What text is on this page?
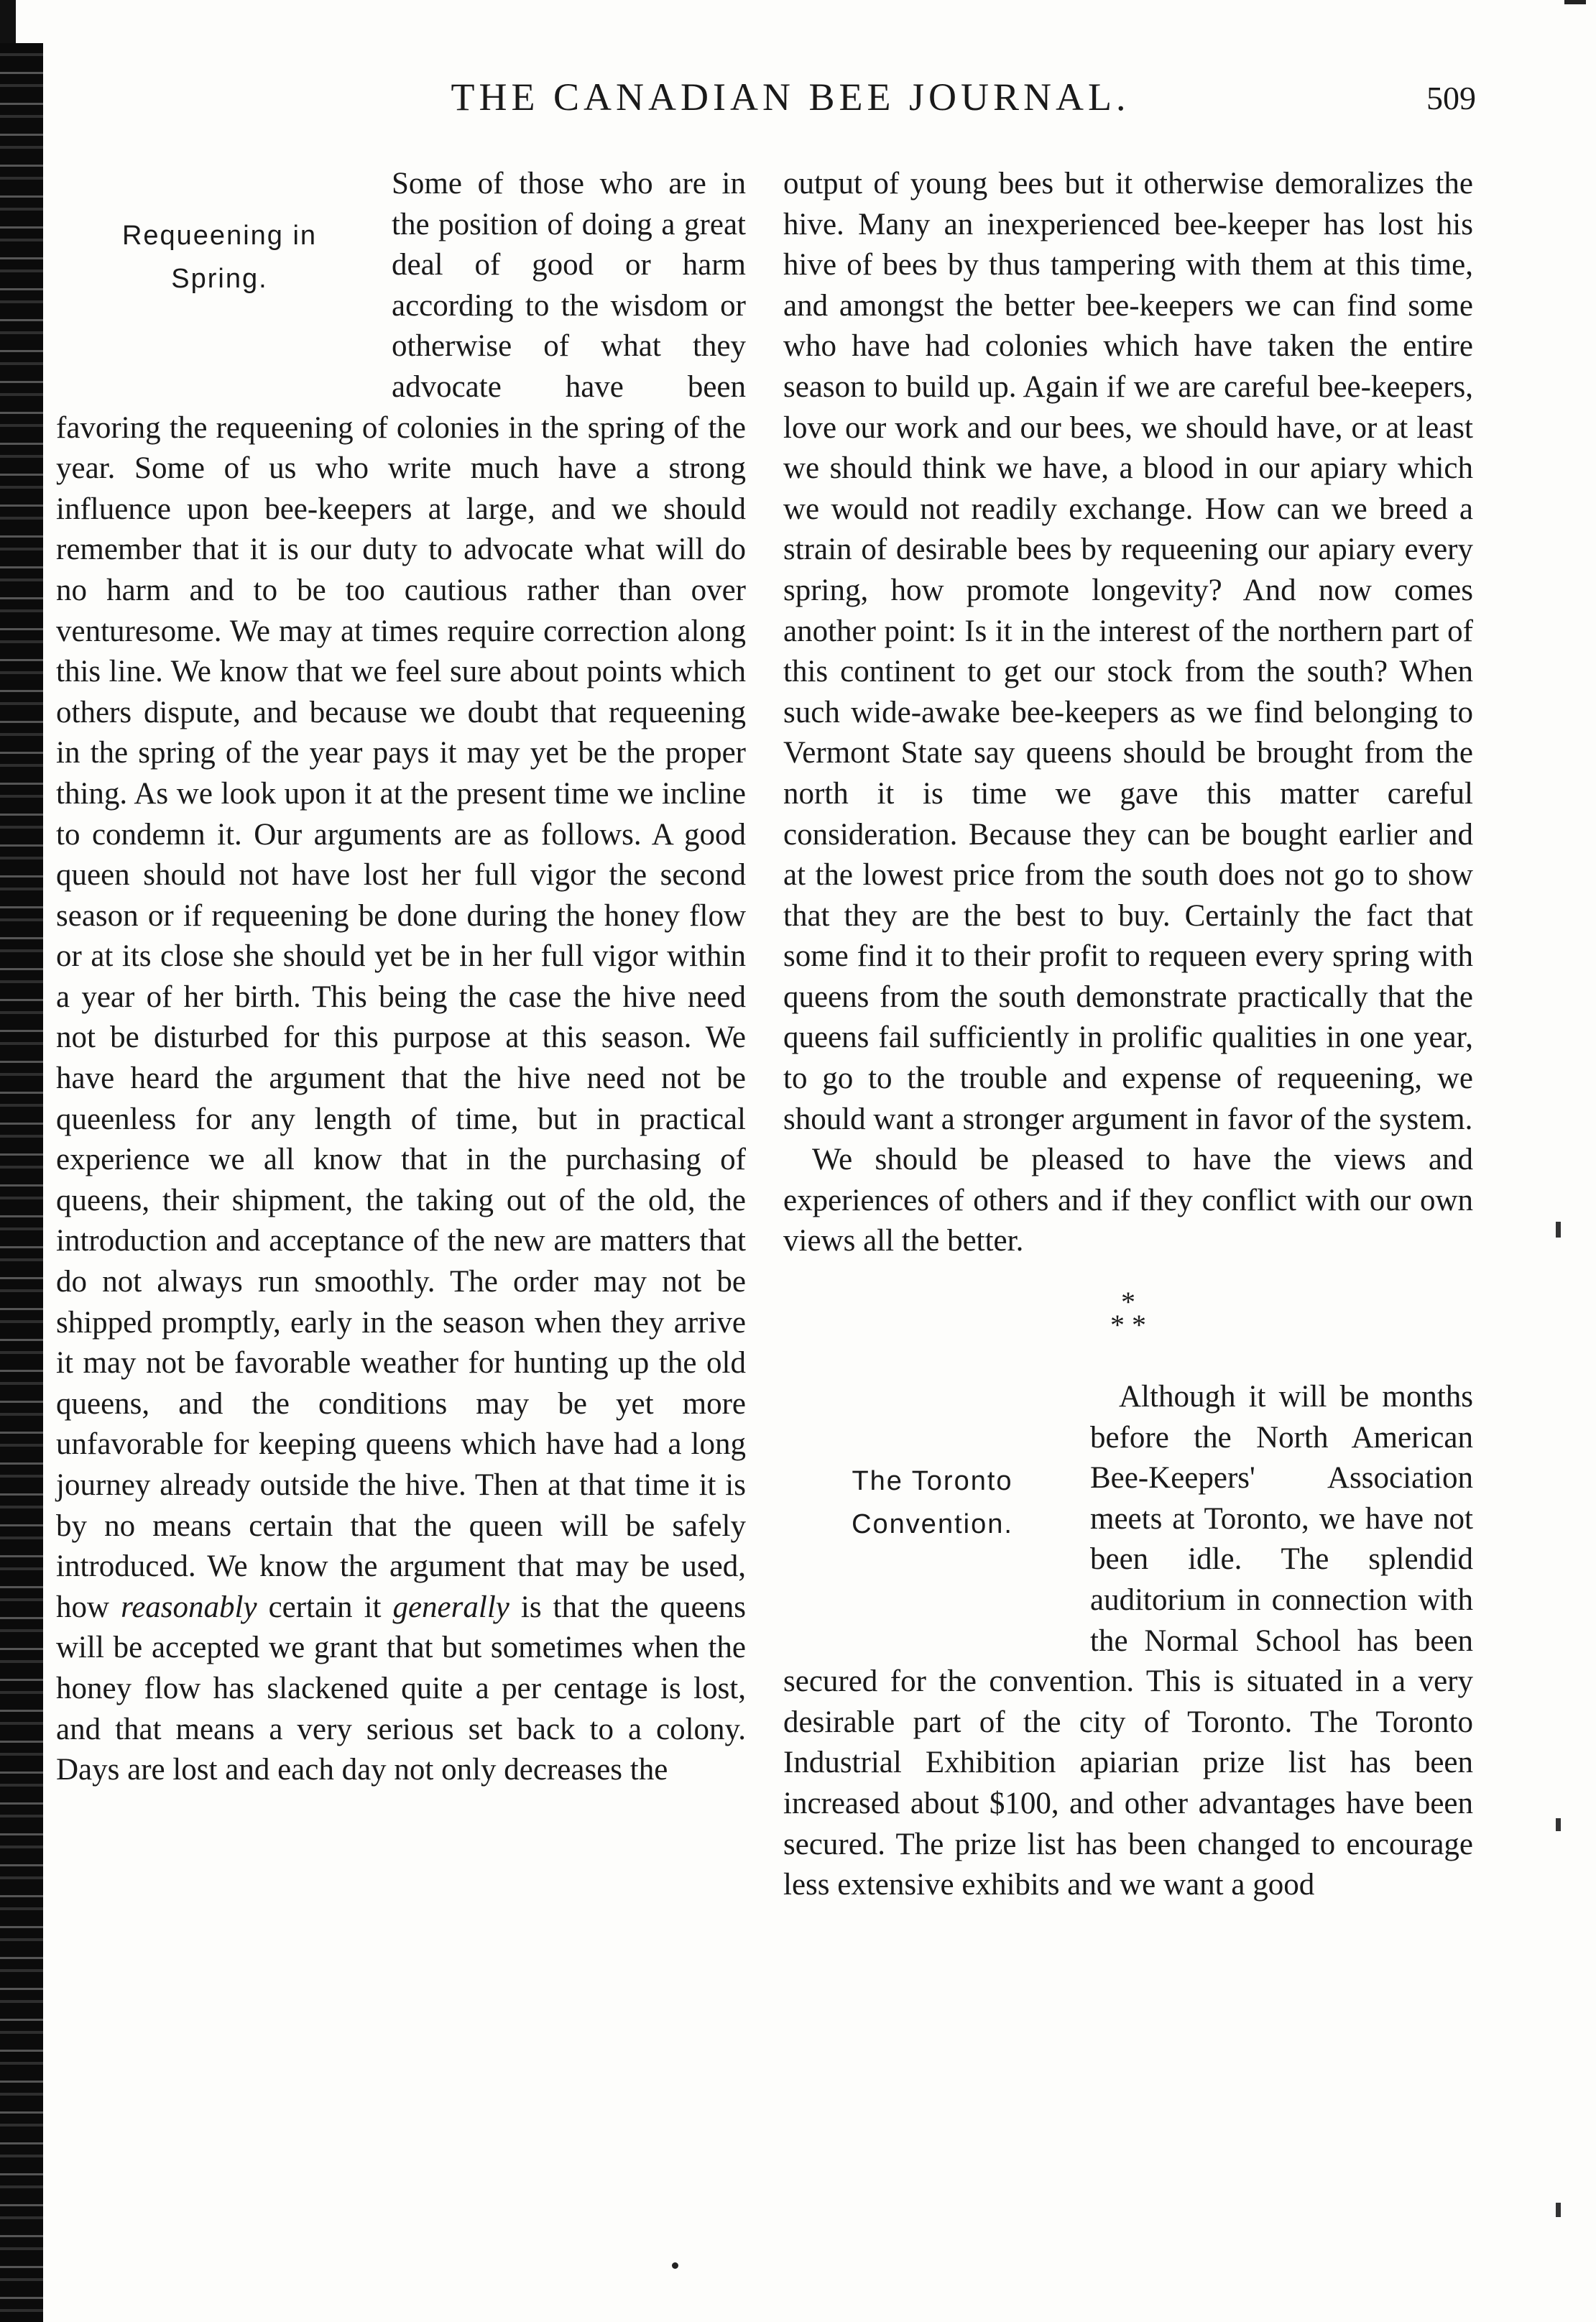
THE CANADIAN BEE JOURNAL.	509
Requeening in
Spring.

Some of those who are in the position of doing a great deal of good or harm according to the wisdom or otherwise of what they advocate have been favoring the requeening of colonies in the spring of the year. Some of us who write much have a strong influence upon bee-keepers at large, and we should remember that it is our duty to advocate what will do no harm and to be too cautious rather than over venturesome. We may at times require correction along this line. We know that we feel sure about points which others dispute, and because we doubt that requeening in the spring of the year pays it may yet be the proper thing. As we look upon it at the present time we incline to condemn it. Our arguments are as follows. A good queen should not have lost her full vigor the second season or if requeening be done during the honey flow or at its close she should yet be in her full vigor within a year of her birth. This being the case the hive need not be disturbed for this purpose at this season. We have heard the argument that the hive need not be queenless for any length of time, but in practical experience we all know that in the purchasing of queens, their shipment, the taking out of the old, the introduction and acceptance of the new are matters that do not always run smoothly. The order may not be shipped promptly, early in the season when they arrive it may not be favorable weather for hunting up the old queens, and the conditions may be yet more unfavorable for keeping queens which have had a long journey already outside the hive. Then at that time it is by no means certain that the queen will be safely introduced. We know the argument that may be used, how reasonably certain it generally is that the queens will be accepted we grant that but sometimes when the honey flow has slackened quite a per centage is lost, and that means a very serious set back to a colony. Days are lost and each day not only decreases the

output of young bees but it otherwise demoralizes the hive. Many an inexperienced bee-keeper has lost his hive of bees by thus tampering with them at this time, and amongst the better bee-keepers we can find some who have had colonies which have taken the entire season to build up. Again if we are careful bee-keepers, love our work and our bees, we should have, or at least we should think we have, a blood in our apiary which we would not readily exchange. How can we breed a strain of desirable bees by requeening our apiary every spring, how promote longevity? And now comes another point: Is it in the interest of the northern part of this continent to get our stock from the south? When such wide-awake bee-keepers as we find belonging to Vermont State say queens should be brought from the north it is time we gave this matter careful consideration. Because they can be bought earlier and at the lowest price from the south does not go to show that they are the best to buy. Certainly the fact that some find it to their profit to requeen every spring with queens from the south demonstrate practically that the queens fail sufficiently in prolific qualities in one year, to go to the trouble and expense of requeening, we should want a stronger argument in favor of the system.

We should be pleased to have the views and experiences of others and if they conflict with our own views all the better.

*
* *
The Toronto
Convention.

Although it will be months before the North American Bee-Keepers' Association meets at Toronto, we have not been idle. The splendid auditorium in connection with the Normal School has been secured for the convention. This is situated in a very desirable part of the city of Toronto. The Toronto Industrial Exhibition apiarian prize list has been increased about $100, and other advantages have been secured. The prize list has been changed to encourage less extensive exhibits and we want a good
